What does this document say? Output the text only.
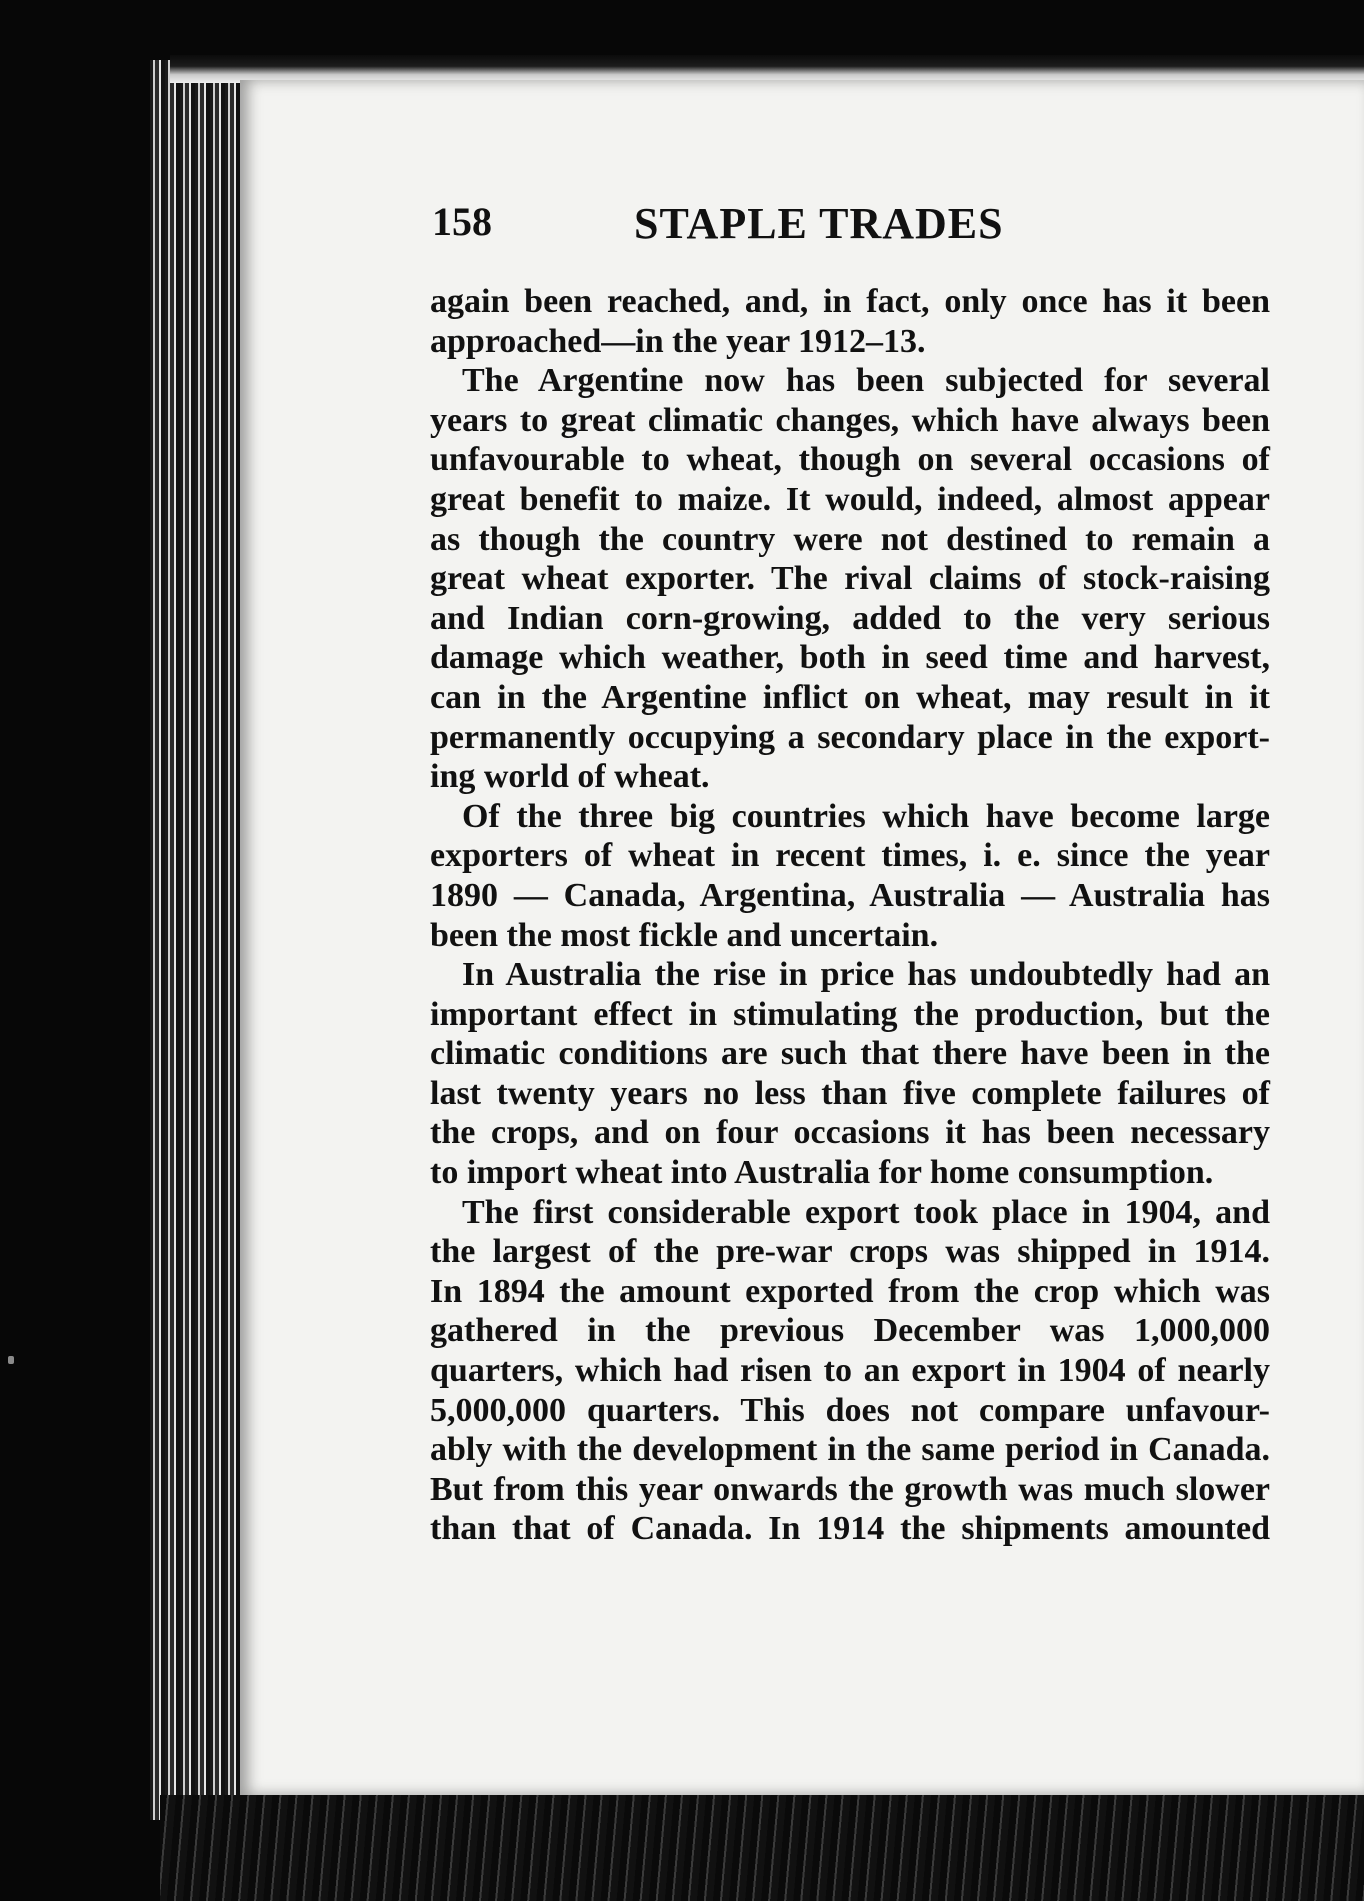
158	STAPLE TRADES
again been reached, and, in fact, only once has it been
approached—in the year 1912–13.
The Argentine now has been subjected for several
years to great climatic changes, which have always been
unfavourable to wheat, though on several occasions of
great benefit to maize. It would, indeed, almost appear
as though the country were not destined to remain a
great wheat exporter. The rival claims of stock-raising
and Indian corn-growing, added to the very serious
damage which weather, both in seed time and harvest,
can in the Argentine inflict on wheat, may result in it
permanently occupying a secondary place in the export-
ing world of wheat.
Of the three big countries which have become large
exporters of wheat in recent times, i. e. since the year
1890 — Canada, Argentina, Australia — Australia has
been the most fickle and uncertain.
In Australia the rise in price has undoubtedly had an
important effect in stimulating the production, but the
climatic conditions are such that there have been in the
last twenty years no less than five complete failures of
the crops, and on four occasions it has been necessary
to import wheat into Australia for home consumption.
The first considerable export took place in 1904, and
the largest of the pre-war crops was shipped in 1914.
In 1894 the amount exported from the crop which was
gathered in the previous December was 1,000,000
quarters, which had risen to an export in 1904 of nearly
5,000,000 quarters. This does not compare unfavour-
ably with the development in the same period in Canada.
But from this year onwards the growth was much slower
than that of Canada. In 1914 the shipments amounted
